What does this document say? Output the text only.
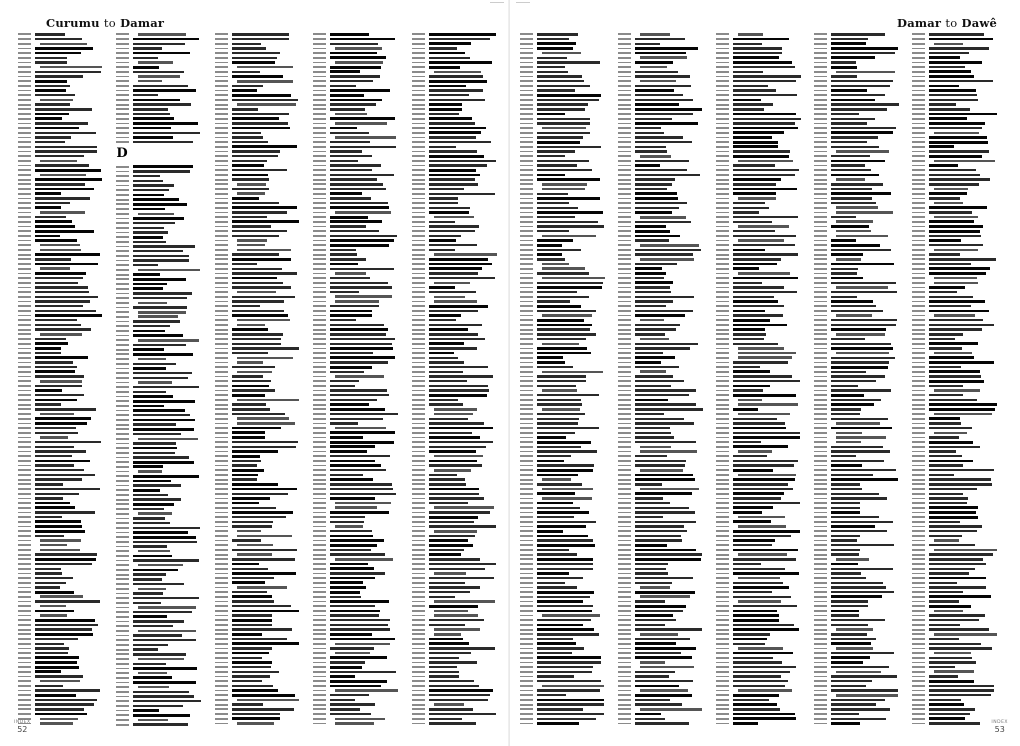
Curumu to Damar
D
INDEX
52
Damar to Dawê
INDEX
53
